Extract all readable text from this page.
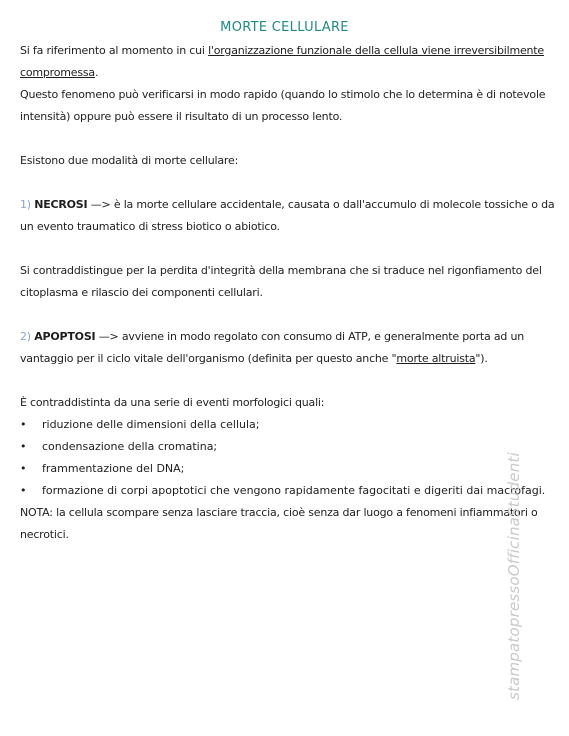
MORTE CELLULARE
Si fa riferimento al momento in cui l'organizzazione funzionale della cellula viene irreversibilmente
compromessa.
Questo fenomeno può verificarsi in modo rapido (quando lo stimolo che lo determina è di notevole
intensità) oppure può essere il risultato di un processo lento.
Esistono due modalità di morte cellulare:
1) NECROSI —> è la morte cellulare accidentale, causata o dall'accumulo di molecole tossiche o da
un evento traumatico di stress biotico o abiotico.
Si contraddistingue per la perdita d'integrità della membrana che si traduce nel rigonfiamento del
citoplasma e rilascio dei componenti cellulari.
2) APOPTOSI —> avviene in modo regolato con consumo di ATP, e generalmente porta ad un
vantaggio per il ciclo vitale dell'organismo (definita per questo anche "morte altruista").
È contraddistinta da una serie di eventi morfologici quali:
• riduzione delle dimensioni della cellula;
• condensazione della cromatina;
• frammentazione del DNA;
• formazione di corpi apoptotici che vengono rapidamente fagocitati e digeriti dai macrofagi.
NOTA: la cellula scompare senza lasciare traccia, cioè senza dar luogo a fenomeni infiammatori o
necrotici.	stampatopressoOfficinaStudenti
